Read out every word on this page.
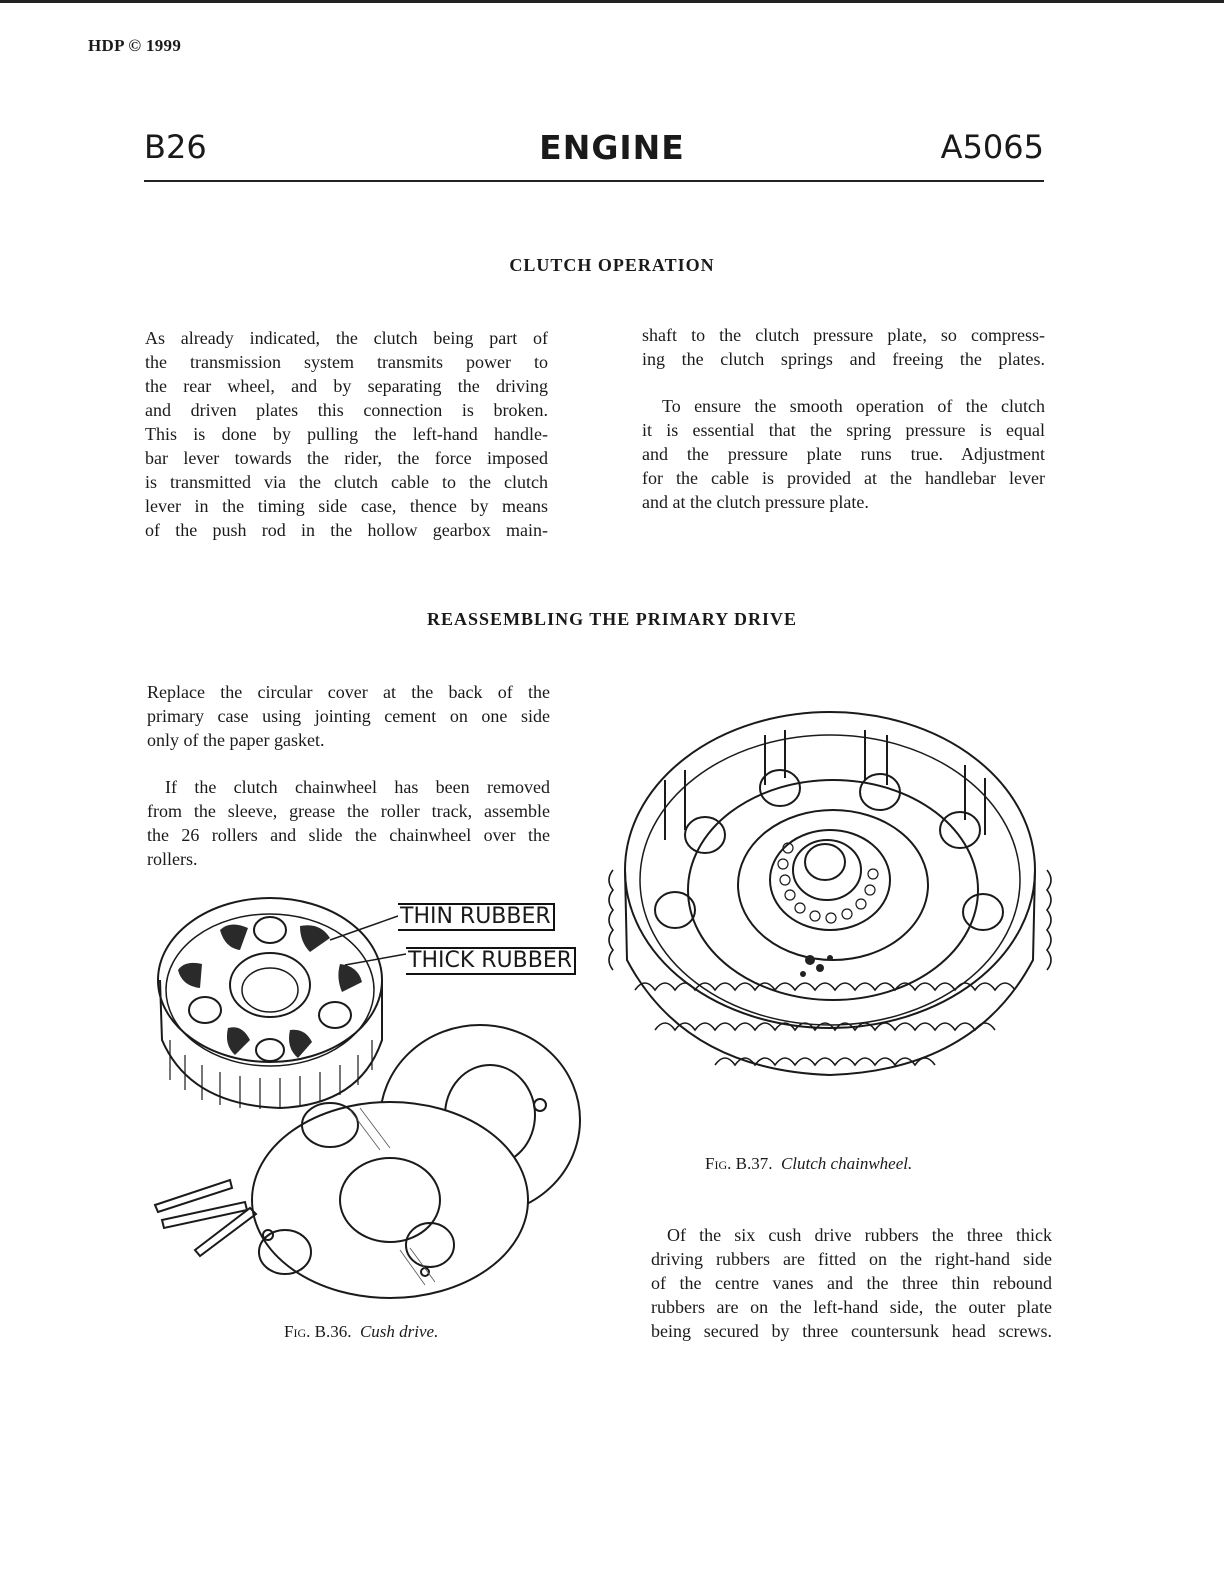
HDP © 1999
B26	ENGINE	A5065
CLUTCH OPERATION
As already indicated, the clutch being part of
the transmission system transmits power to
the rear wheel, and by separating the driving
and driven plates this connection is broken.
This is done by pulling the left-hand handle-
bar lever towards the rider, the force imposed
is transmitted via the clutch cable to the clutch
lever in the timing side case, thence by means
of the push rod in the hollow gearbox main-
shaft to the clutch pressure plate, so compress-
ing the clutch springs and freeing the plates.
To ensure the smooth operation of the clutch
it is essential that the spring pressure is equal
and the pressure plate runs true. Adjustment
for the cable is provided at the handlebar lever
and at the clutch pressure plate.
REASSEMBLING THE PRIMARY DRIVE
Replace the circular cover at the back of the
primary case using jointing cement on one side
only of the paper gasket.
If the clutch chainwheel has been removed
from the sleeve, grease the roller track, assemble
the 26 rollers and slide the chainwheel over the
rollers.
THIN RUBBER
THICK RUBBER
Fig. B.36. Cush drive.
Fig. B.37. Clutch chainwheel.
Of the six cush drive rubbers the three thick
driving rubbers are fitted on the right-hand side
of the centre vanes and the three thin rebound
rubbers are on the left-hand side, the outer plate
being secured by three countersunk head screws.
